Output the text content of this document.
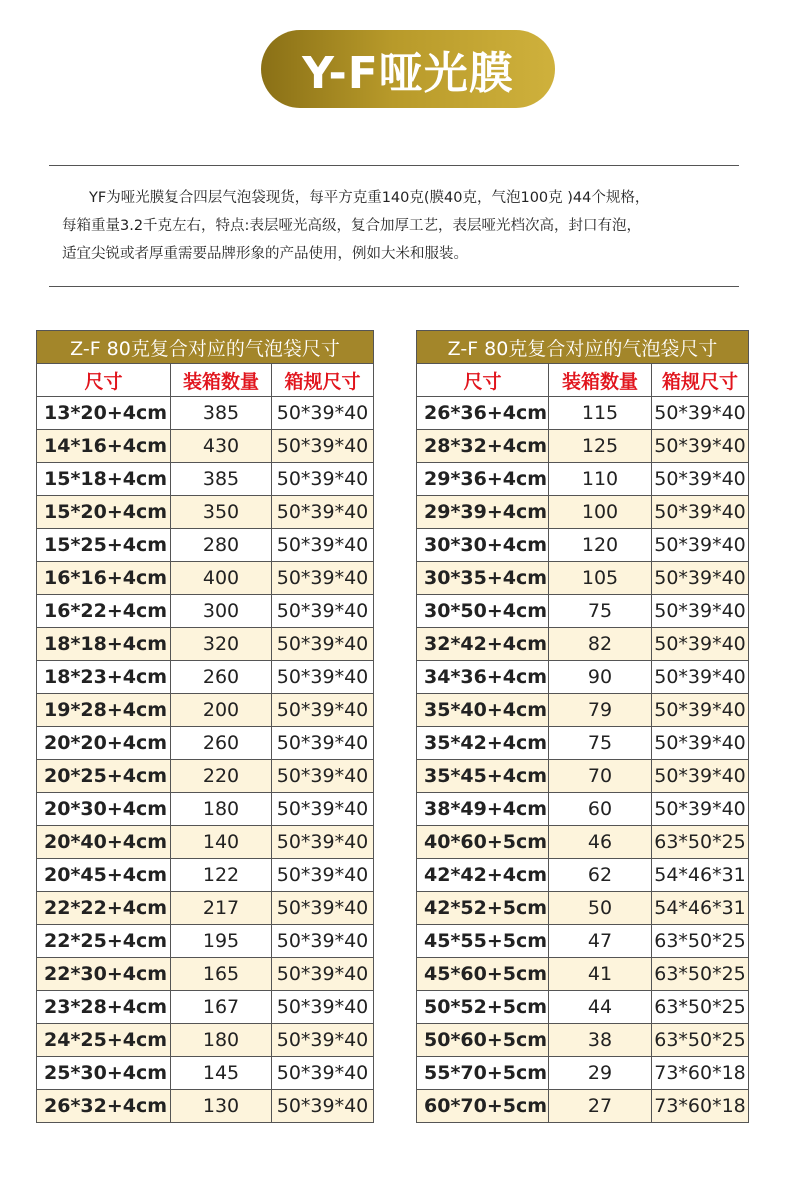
Y-F哑光膜

YF为哑光膜复合四层气泡袋现货，每平方克重140克(膜40克，气泡100克 )44个规格，

每箱重量3.2千克左右，特点:表层哑光高级，复合加厚工艺，表层哑光档次高，封口有泡，

适宜尖锐或者厚重需要品牌形象的产品使用，例如大米和服装。

Z-F 80克复合对应的气泡袋尺寸		
尺寸	装箱数量	箱规尺寸
13*20+4cm	385	50*39*40
14*16+4cm	430	50*39*40
15*18+4cm	385	50*39*40
15*20+4cm	350	50*39*40
15*25+4cm	280	50*39*40
16*16+4cm	400	50*39*40
16*22+4cm	300	50*39*40
18*18+4cm	320	50*39*40
18*23+4cm	260	50*39*40
19*28+4cm	200	50*39*40
20*20+4cm	260	50*39*40
20*25+4cm	220	50*39*40
20*30+4cm	180	50*39*40
20*40+4cm	140	50*39*40
20*45+4cm	122	50*39*40
22*22+4cm	217	50*39*40
22*25+4cm	195	50*39*40
22*30+4cm	165	50*39*40
23*28+4cm	167	50*39*40
24*25+4cm	180	50*39*40
25*30+4cm	145	50*39*40
26*32+4cm	130	50*39*40
Z-F 80克复合对应的气泡袋尺寸		
尺寸	装箱数量	箱规尺寸
26*36+4cm	115	50*39*40
28*32+4cm	125	50*39*40
29*36+4cm	110	50*39*40
29*39+4cm	100	50*39*40
30*30+4cm	120	50*39*40
30*35+4cm	105	50*39*40
30*50+4cm	75	50*39*40
32*42+4cm	82	50*39*40
34*36+4cm	90	50*39*40
35*40+4cm	79	50*39*40
35*42+4cm	75	50*39*40
35*45+4cm	70	50*39*40
38*49+4cm	60	50*39*40
40*60+5cm	46	63*50*25
42*42+4cm	62	54*46*31
42*52+5cm	50	54*46*31
45*55+5cm	47	63*50*25
45*60+5cm	41	63*50*25
50*52+5cm	44	63*50*25
50*60+5cm	38	63*50*25
55*70+5cm	29	73*60*18
60*70+5cm	27	73*60*18
